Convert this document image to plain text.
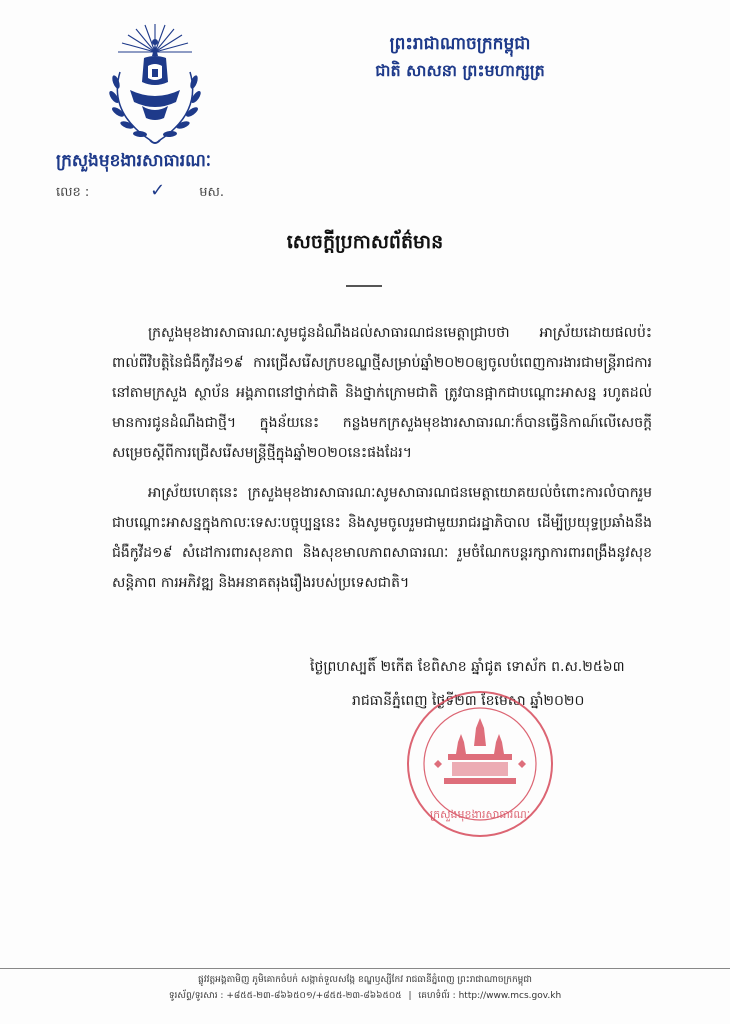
ព្រះរាជាណាចក្រកម្ពុជា
ជាតិ សាសនា ព្រះមហាក្សត្រ
ក្រសួងមុខងារសាធារណៈ
លេខ :	✓	មស.
សេចក្ដីប្រកាសព័ត៌មាន

ក្រសួងមុខងារសាធារណៈសូមជូនដំណឹងដល់សាធារណជនមេត្តាជ្រាបថា អាស្រ័យដោយផលប៉ះពាល់ពីវិបត្តិនៃជំងឺកូវីដ១៩ ការជ្រើសរើសក្របខណ្ឌថ្មីសម្រាប់ឆ្នាំ២០២០ឲ្យចូលបំពេញការងារជាមន្ត្រីរាជការនៅតាមក្រសួង ស្ថាប័ន អង្គភាពនៅថ្នាក់ជាតិ និងថ្នាក់ក្រោមជាតិ ត្រូវបានផ្អាកជាបណ្ដោះអាសន្ន រហូតដល់មានការជូនដំណឹងជាថ្មី។ ក្នុងន័យនេះ កន្លងមកក្រសួងមុខងារសាធារណៈក៏បានធ្វើនិកាណ៍លើសេចក្ដីសម្រេចស្ដីពីការជ្រើសរើសមន្ត្រីថ្មីក្នុងឆ្នាំ២០២០នេះផងដែរ។

អាស្រ័យហេតុនេះ ក្រសួងមុខងារសាធារណៈសូមសាធារណជនមេត្តាយោគយល់ចំពោះការលំបាករួមជាបណ្ដោះអាសន្នក្នុងកាលៈទេសៈបច្ចុប្បន្ននេះ និងសូមចូលរួមជាមួយរាជរដ្ឋាភិបាល ដើម្បីប្រយុទ្ធប្រឆាំងនឹងជំងឺកូវីដ១៩ សំដៅការពារសុខភាព និងសុខមាលភាពសាធារណៈ រួមចំណែកបន្តរក្សាការពារពង្រឹងនូវសុខសន្ដិភាព ការអភិវឌ្ឍ និងអនាគតរុងរឿងរបស់ប្រទេសជាតិ។

ថ្ងៃព្រហស្បតិ៍ ២កើត ខែពិសាខ ឆ្នាំជូត ទោស័ក ព.ស.២៥៦៣
រាជធានីភ្នំពេញ ថ្ងៃទី២៣ ខែមេសា ឆ្នាំ២០២០
ក្រសួងមុខងារសាធារណៈ
ផ្លូវវត្តអង្គតាមិញ ភូមិគោកចំបក់ សង្កាត់ទួលសង្កែ ខណ្ឌឫស្សីកែវ រាជធានីភ្នំពេញ ព្រះរាជាណាចក្រកម្ពុជា
ទូរស័ព្ទ/ទូរសារ : +៨៥៥-២៣-៨៦៦៥០១/+៨៥៥-២៣-៨៦៦៥០៥ | គេហទំព័រ : http://www.mcs.gov.kh
